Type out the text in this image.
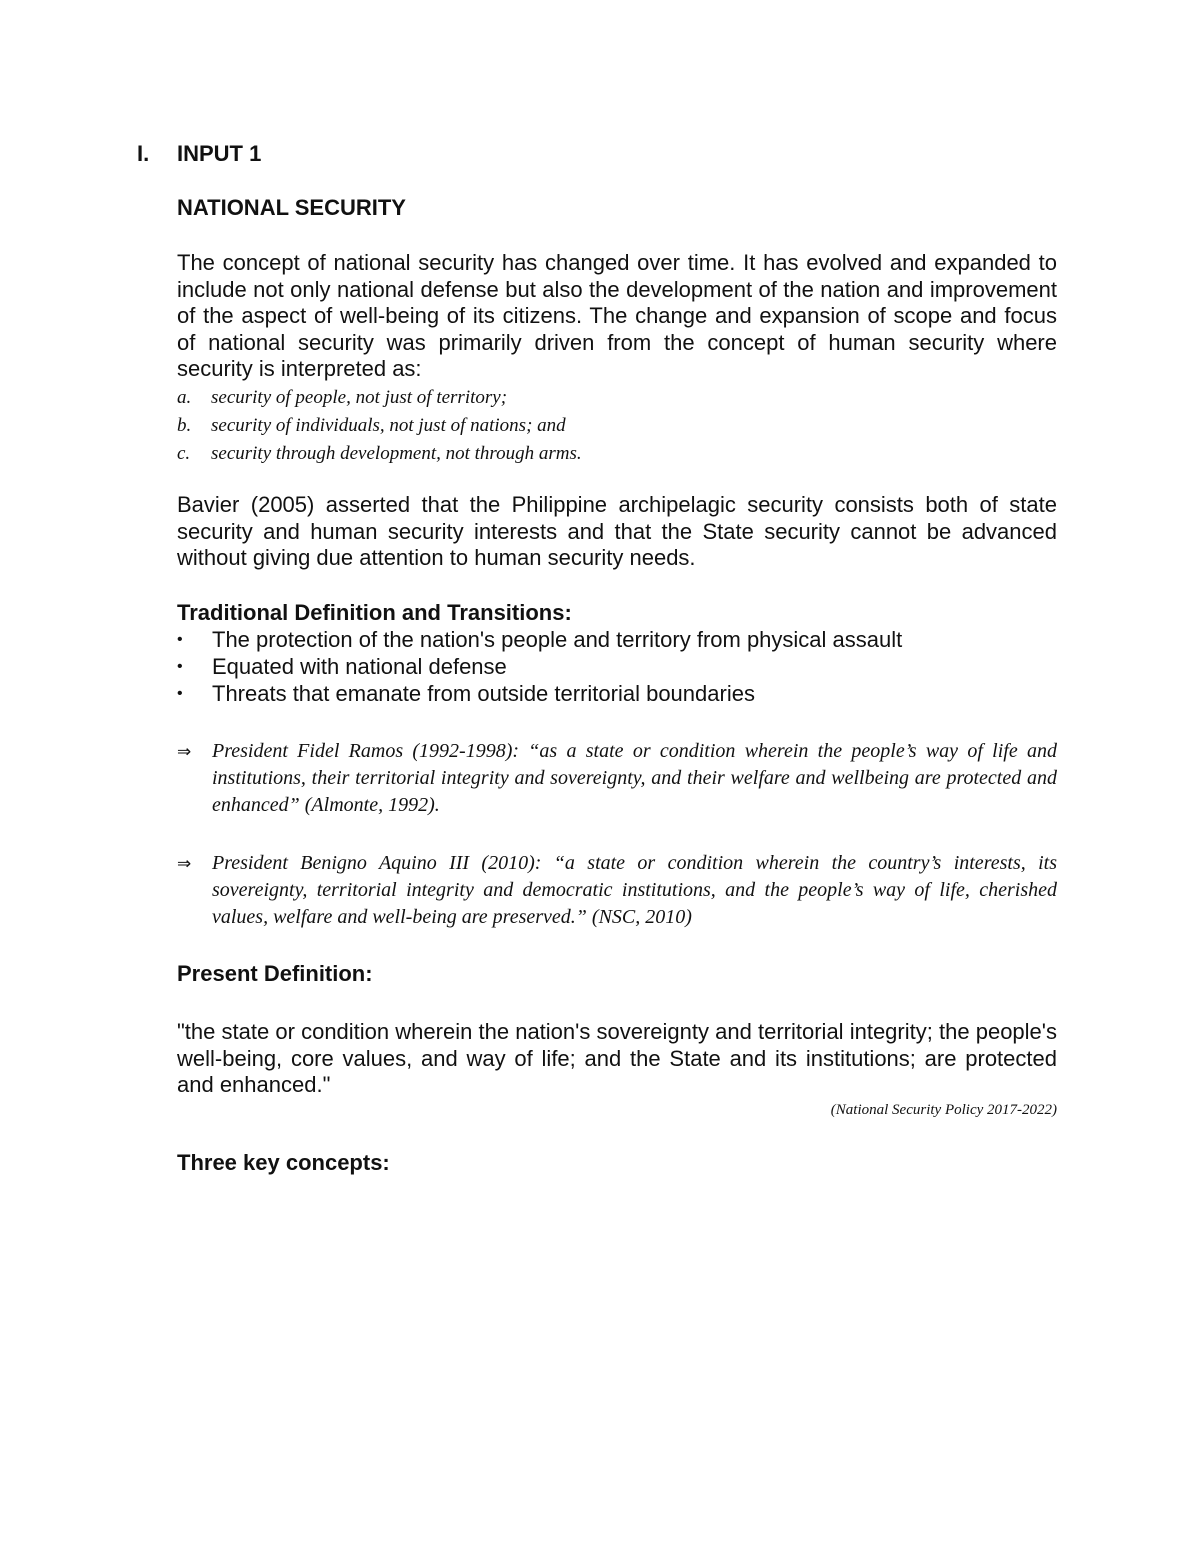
I.	INPUT 1
NATIONAL SECURITY
The concept of national security has changed over time. It has evolved and expanded to include not only national defense but also the development of the nation and improvement of the aspect of well-being of its citizens. The change and expansion of scope and focus of national security was primarily driven from the concept of human security where security is interpreted as:
a.	security of people, not just of territory;
b.	security of individuals, not just of nations; and
c.	security through development, not through arms.
Bavier (2005) asserted that the Philippine archipelagic security consists both of state security and human security interests and that the State security cannot be advanced without giving due attention to human security needs.
Traditional Definition and Transitions:
•	The protection of the nation's people and territory from physical assault
•	Equated with national defense
•	Threats that emanate from outside territorial boundaries
⇒	President Fidel Ramos (1992-1998): “as a state or condition wherein the people’s way of life and institutions, their territorial integrity and sovereignty, and their welfare and wellbeing are protected and enhanced” (Almonte, 1992).
⇒	President Benigno Aquino III (2010): “a state or condition wherein the country’s interests, its sovereignty, territorial integrity and democratic institutions, and the people’s way of life, cherished values, welfare and well-being are preserved.” (NSC, 2010)
Present Definition:
"the state or condition wherein the nation's sovereignty and territorial integrity; the people's well-being, core values, and way of life; and the State and its institutions; are protected and enhanced."
(National Security Policy 2017-2022)
Three key concepts:
